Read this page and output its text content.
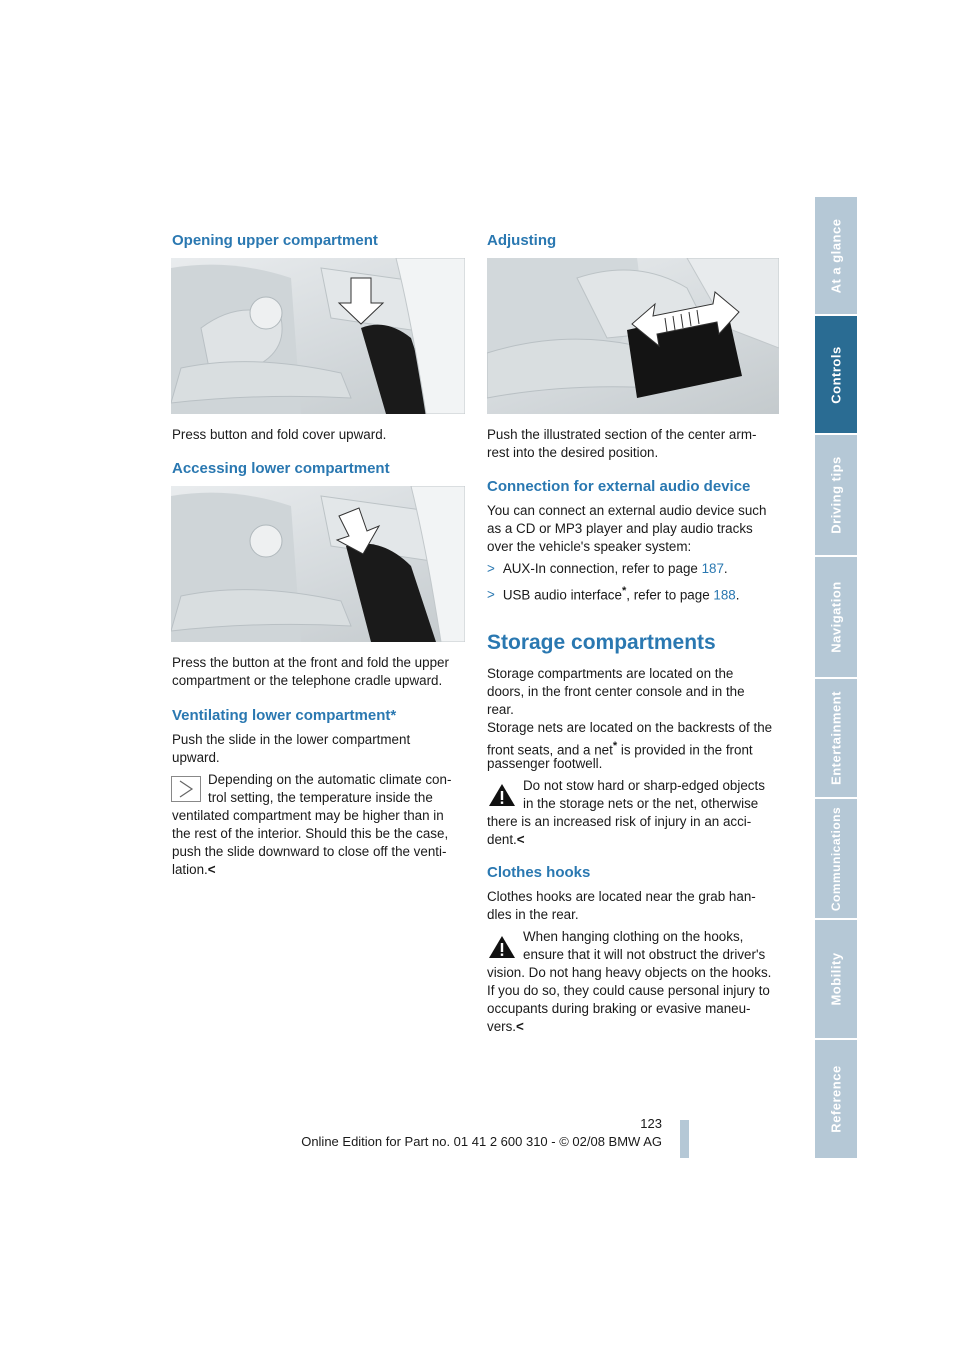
At a glance
Controls
Driving tips
Navigation
Entertainment
Communications
Mobility
Reference
Opening upper compartment

Press button and fold cover upward.

Accessing lower compartment

Press the button at the front and fold the upper

compartment or the telephone cradle upward.

Ventilating lower compartment*

Push the slide in the lower compartment

upward.

Depending on the automatic climate con-

trol setting, the temperature inside the

ventilated compartment may be higher than in

the rest of the interior. Should this be the case,

push the slide downward to close off the venti-

lation.<

Adjusting

Push the illustrated section of the center arm-

rest into the desired position.

Connection for external audio device

You can connect an external audio device such

as a CD or MP3 player and play audio tracks

over the vehicle's speaker system:

> AUX-In connection, refer to page 187.
> USB audio interface*, refer to page 188.
Storage compartments

Storage compartments are located on the

doors, in the front center console and in the

rear.

Storage nets are located on the backrests of the

front seats, and a net* is provided in the front

passenger footwell.

Do not stow hard or sharp-edged objects

in the storage nets or the net, otherwise

there is an increased risk of injury in an acci-

dent.<

Clothes hooks

Clothes hooks are located near the grab han-

dles in the rear.

When hanging clothing on the hooks,

ensure that it will not obstruct the driver's

vision. Do not hang heavy objects on the hooks.

If you do so, they could cause personal injury to

occupants during braking or evasive maneu-

vers.<

123
Online Edition for Part no. 01 41 2 600 310 - © 02/08 BMW AG
